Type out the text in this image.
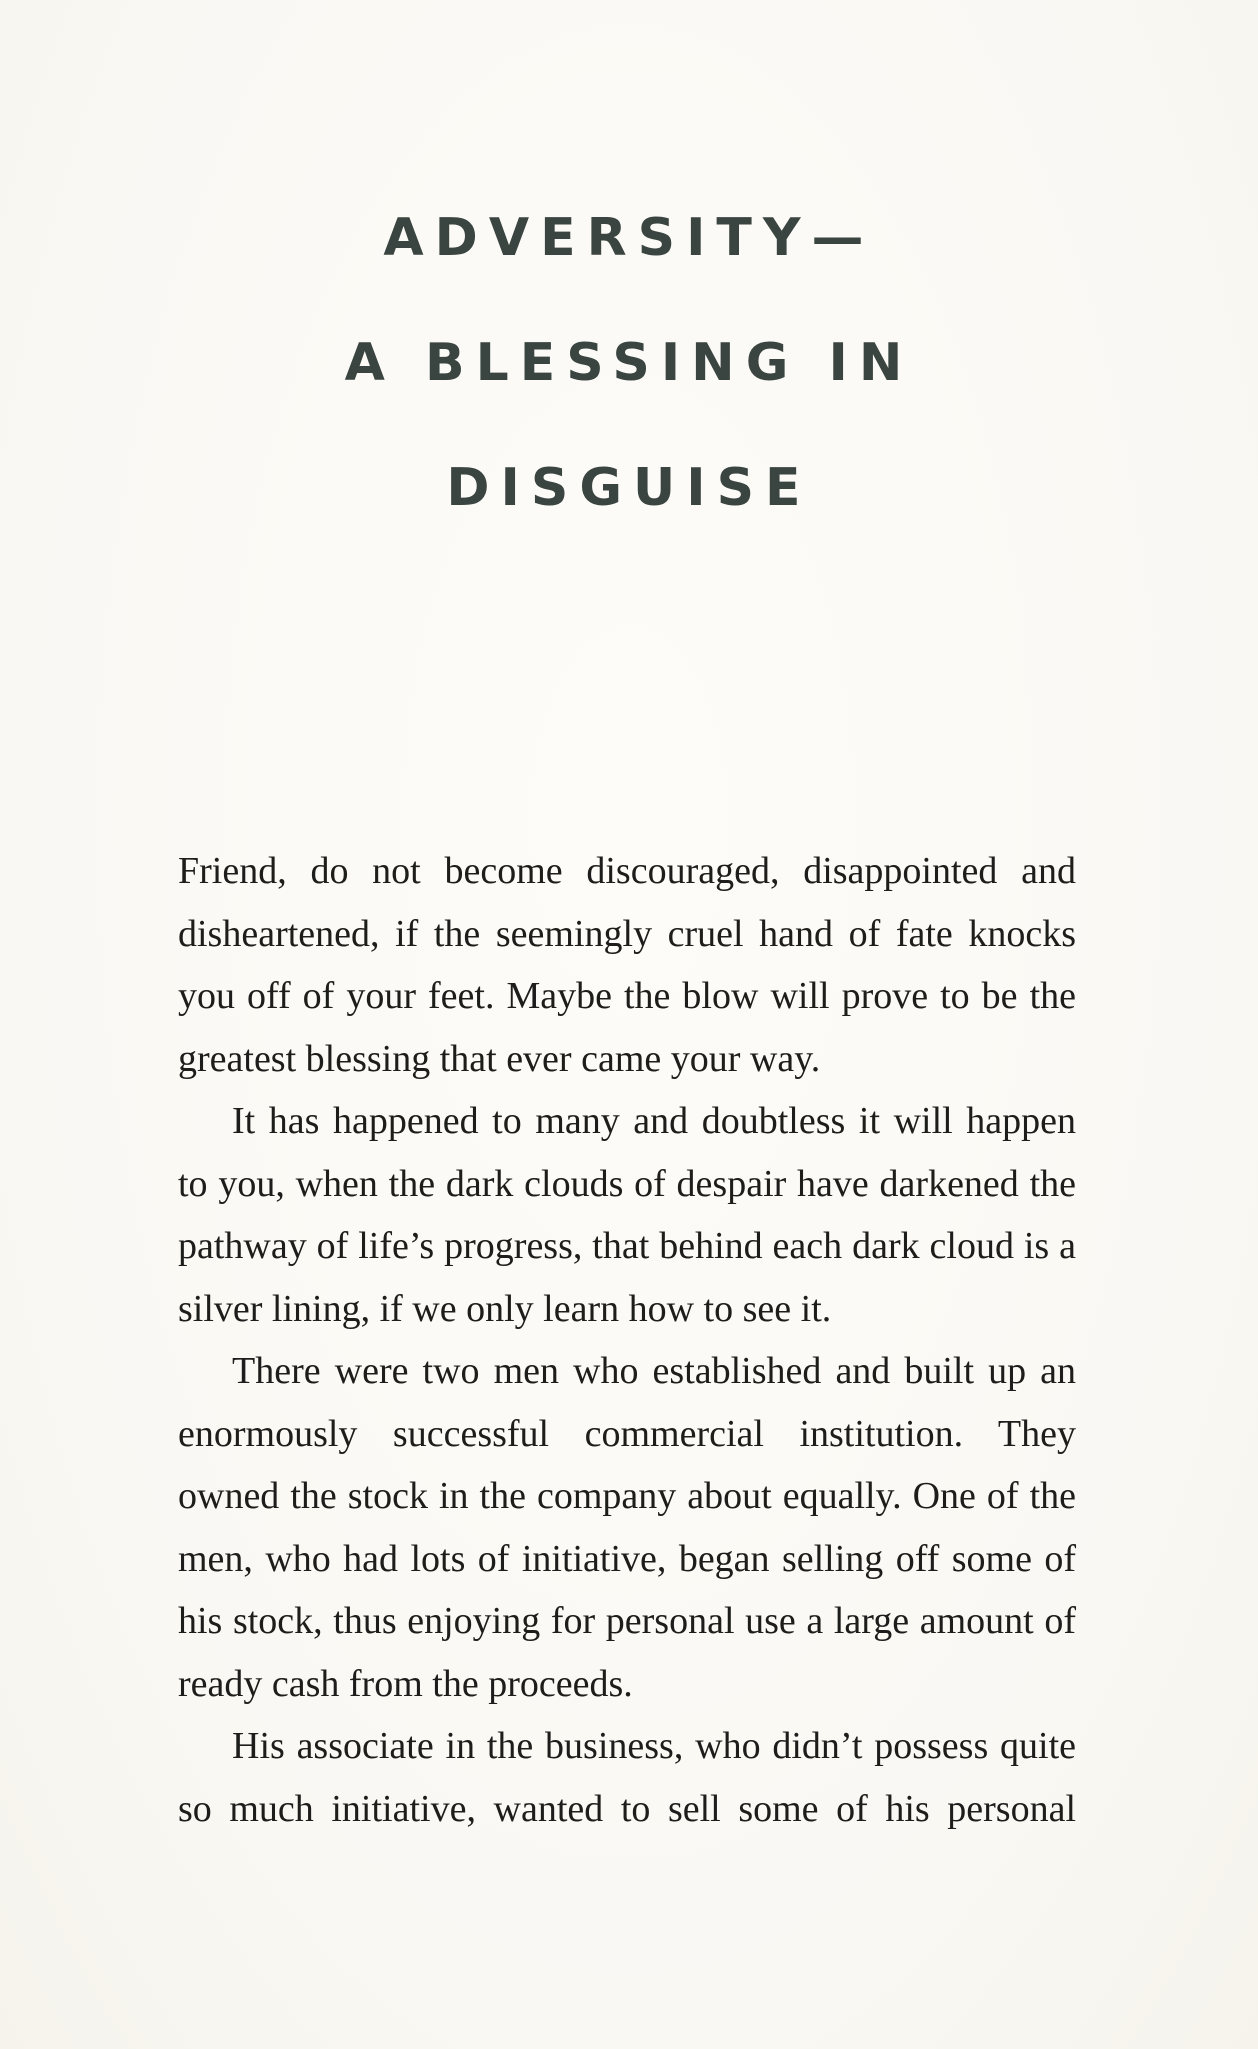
ADVERSITY—
A BLESSING IN
DISGUISE

Friend, do not become discouraged, disappointed and disheartened, if the seemingly cruel hand of fate knocks you off of your feet. Maybe the blow will prove to be the greatest blessing that ever came your way.

It has happened to many and doubtless it will happen to you, when the dark clouds of despair have darkened the pathway of life’s progress, that behind each dark cloud is a silver lining, if we only learn how to see it.

There were two men who established and built up an enormously successful commercial institution. They owned the stock in the company about equally. One of the men, who had lots of initiative, began selling off some of his stock, thus enjoying for personal use a large amount of ready cash from the proceeds.

His associate in the business, who didn’t possess quite so much initiative, wanted to sell some of his personal
